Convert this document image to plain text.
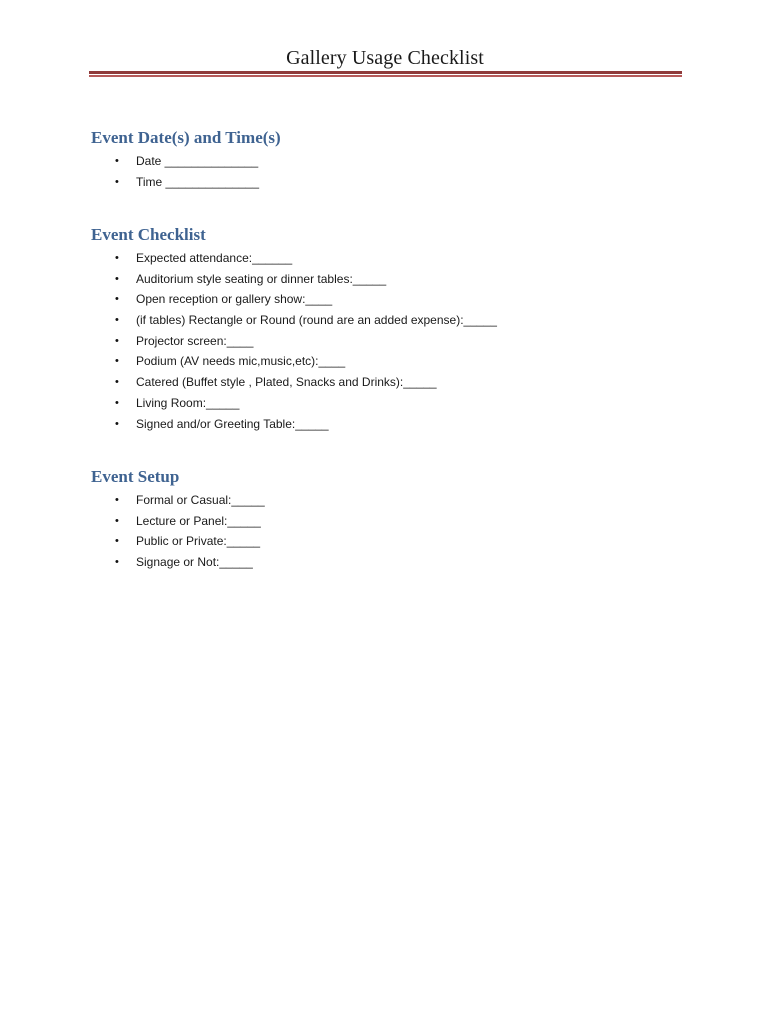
Gallery Usage Checklist
Event Date(s) and Time(s)
• Date ______________
• Time ______________
Event Checklist
• Expected attendance:______
• Auditorium style seating or dinner tables:_____
• Open reception or gallery show:____
• (if tables) Rectangle or Round (round are an added expense):_____
• Projector screen:____
• Podium (AV needs mic,music,etc):____
• Catered (Buffet style , Plated, Snacks and Drinks):_____
• Living Room:_____
• Signed and/or Greeting Table:_____
Event Setup
• Formal or Casual:_____
• Lecture or Panel:_____
• Public or Private:_____
• Signage or Not:_____
